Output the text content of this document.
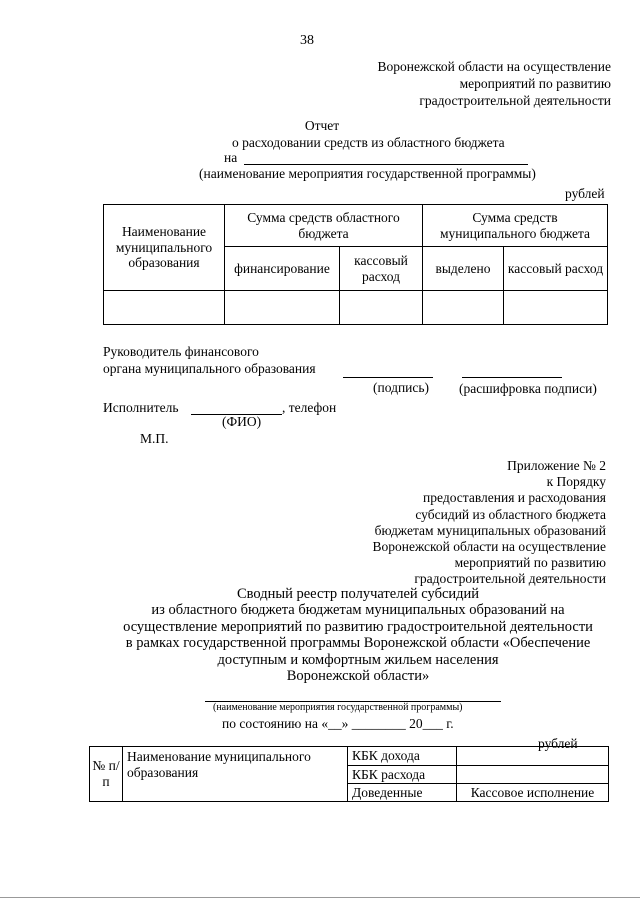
38
Воронежской области на осуществление
мероприятий по развитию
градостроительной деятельности
Отчет
о расходовании средств из областного бюджета
на
(наименование мероприятия государственной программы)
рублей
Наименование муниципального образования	Сумма средств областного бюджета		Сумма средств муниципального бюджета	
	финансирование	кассовый расход	выделено	кассовый расход

Руководитель финансового
органа муниципального образования
(подпись) (расшифровка подписи)
Исполнитель	, телефон
(ФИО)
М.П.
Приложение № 2
к Порядку
предоставления и расходования
субсидий из областного бюджета
бюджетам муниципальных образований
Воронежской области на осуществление
мероприятий по развитию
градостроительной деятельности
Сводный реестр получателей субсидий
из областного бюджета бюджетам муниципальных образований на
осуществление мероприятий по развитию градостроительной деятельности
в рамках государственной программы Воронежской области «Обеспечение
доступным и комфортным жильем населения
Воронежской области»
(наименование мероприятия государственной программы)
по состоянию на «__» ________ 20___ г.
рублей
№ п/п	Наименование муниципального образования	КБК дохода	
		КБК расхода	
		Доведенные	Кассовое исполнение
